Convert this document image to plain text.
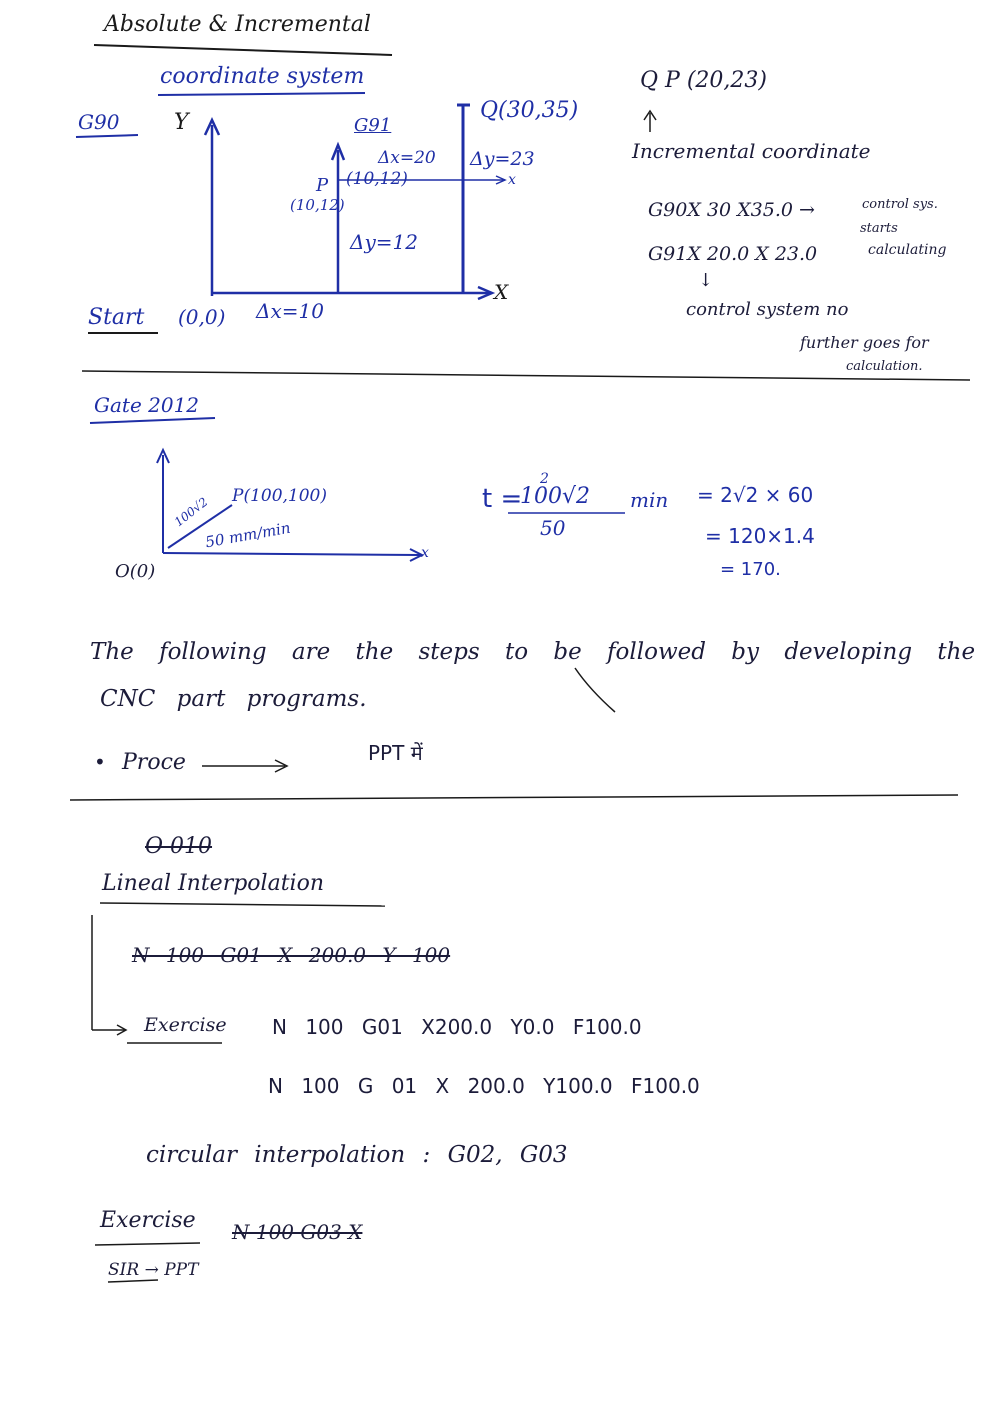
Absolute & Incremental
coordinate system
G90 Y	G91
Q(30,35)
Δx=20 Δy=23
x
P
(10,12)
(10,12)
Δy=12
X
Start (0,0) Δx=10
Q P (20,23)
Incremental coordinate
G90X 30 X35.0 →	control sys.
starts
G91X 20.0 X 23.0	calculating
↓
control system no
further goes for
calculation.
Gate 2012
P(100,100)
100√2
50 mm/min
O(0)
x
t =
2
100√2
50
min = 2√2 × 60
= 120×1.4
= 170.
The following are the steps to be followed by developing the
CNC part programs.
• Proce	PPT में
O 010
Lineal Interpolation
N 100 G01 X 200.0 Y 100
Exercise N 100 G01 X200.0 Y0.0 F100.0
N 100 G 01 X 200.0 Y100.0 F100.0
circular interpolation : G02, G03
Exercise N 100 G03 X
SIR → PPT
